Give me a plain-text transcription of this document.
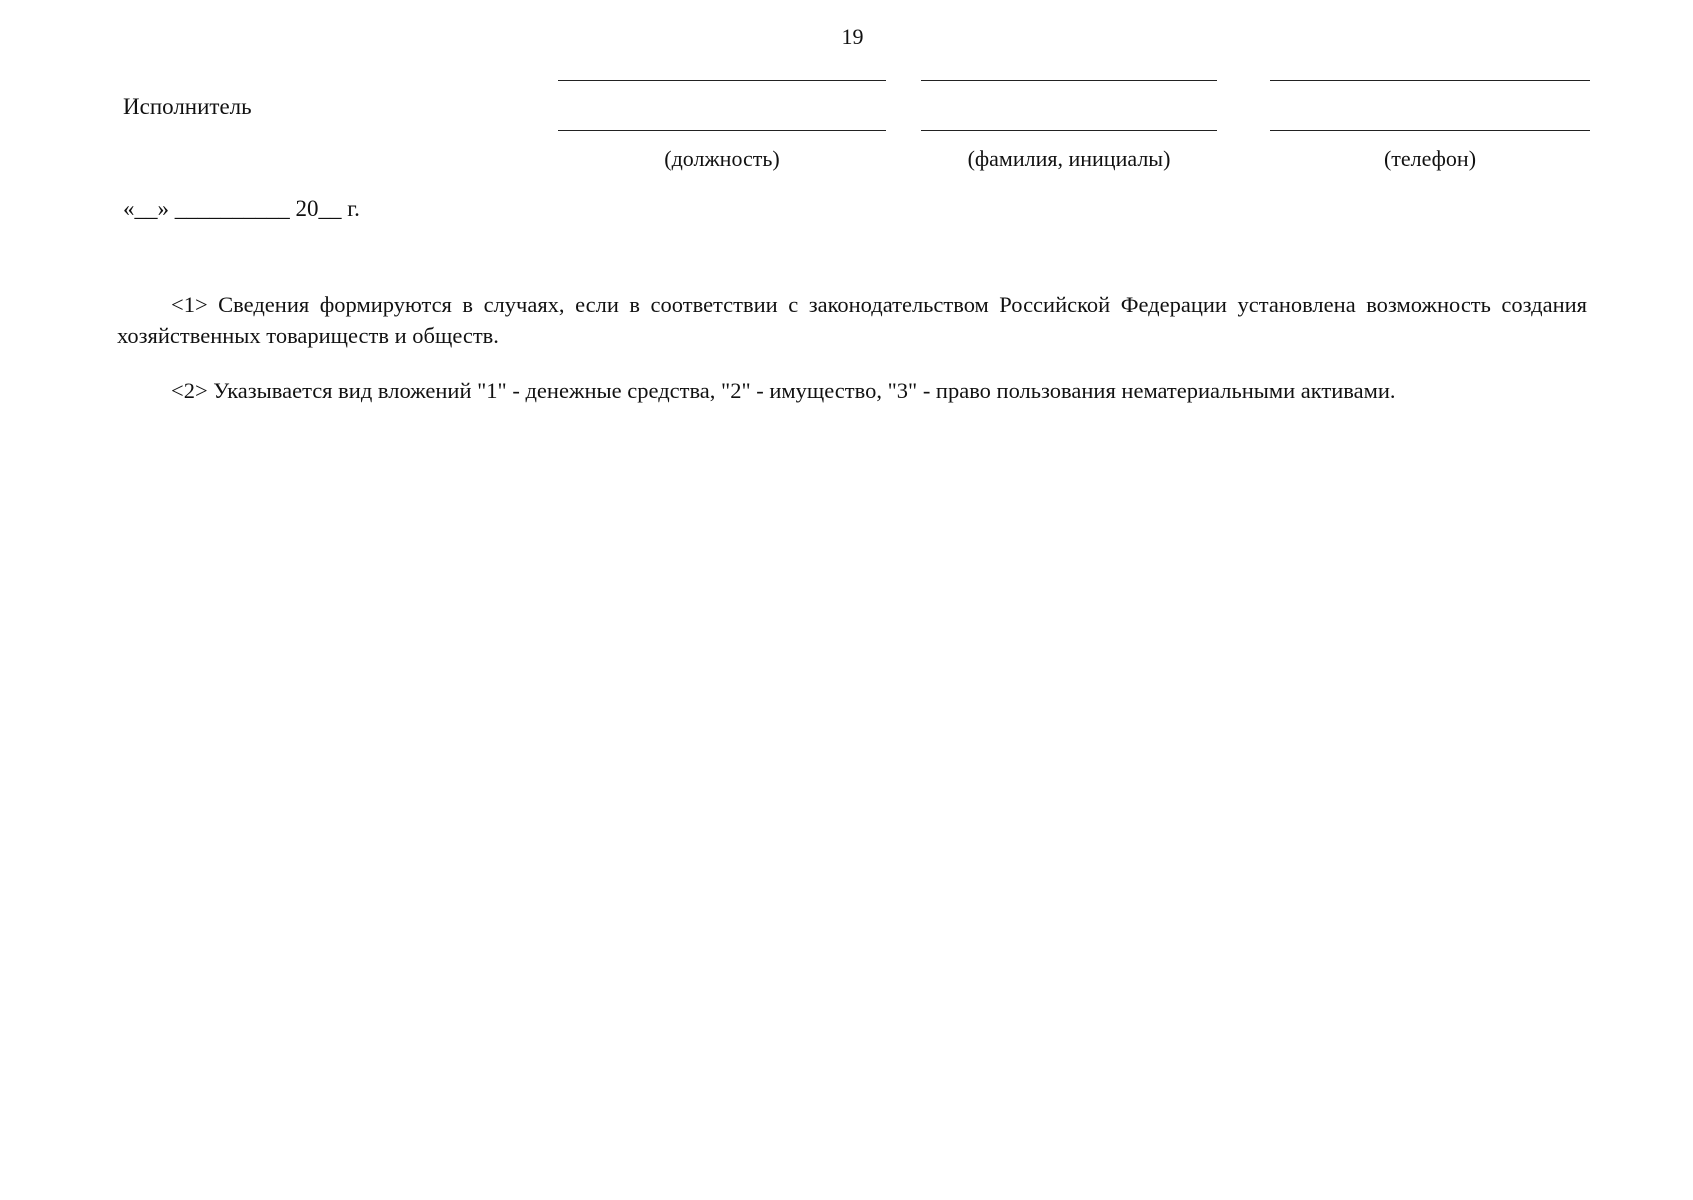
19
Исполнитель
(должность)	(фамилия, инициалы)	(телефон)
«__» __________ 20__ г.

<1> Сведения формируются в случаях, если в соответствии с законодательством Российской Федерации установлена возможность создания хозяйственных товариществ и обществ.

<2> Указывается вид вложений "1" - денежные средства, "2" - имущество, "3" - право пользования нематериальными активами.
